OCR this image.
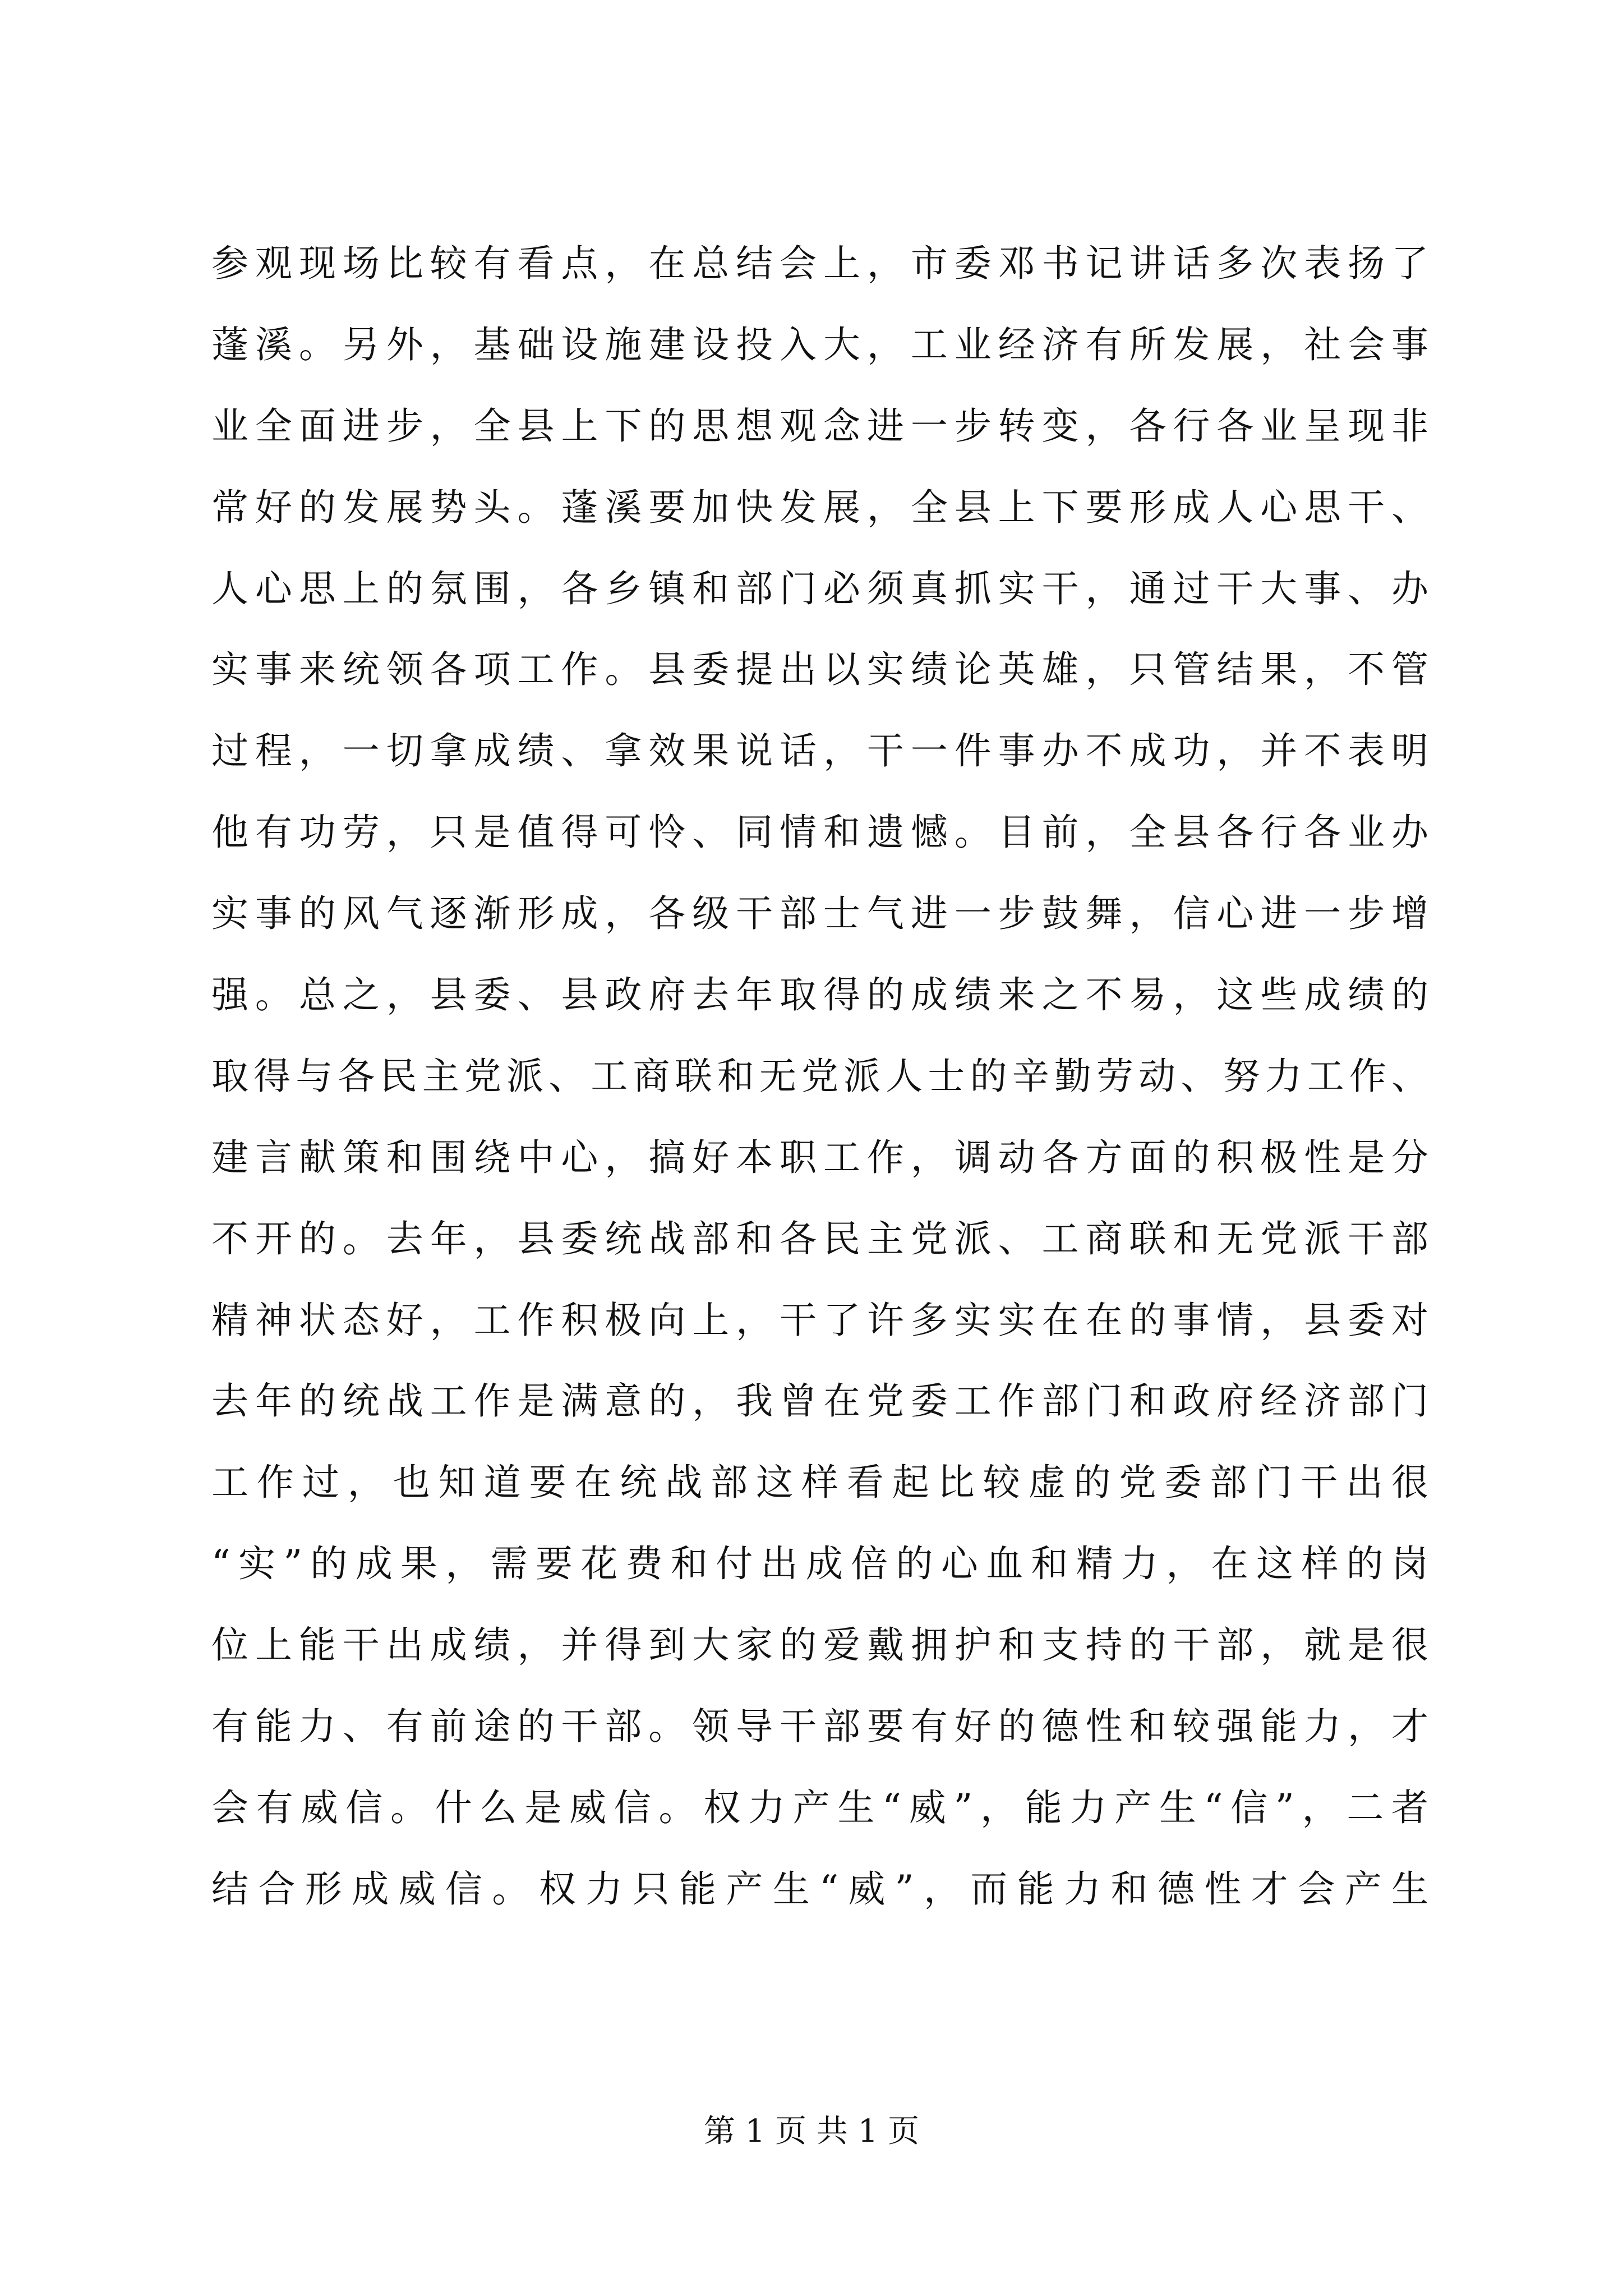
参观现场比较有看点，在总结会上，市委邓书记讲话多次表扬了
蓬溪。另外，基础设施建设投入大，工业经济有所发展，社会事
业全面进步，全县上下的思想观念进一步转变，各行各业呈现非
常好的发展势头。蓬溪要加快发展，全县上下要形成人心思干、
人心思上的氛围，各乡镇和部门必须真抓实干，通过干大事、办
实事来统领各项工作。县委提出以实绩论英雄，只管结果，不管
过程，一切拿成绩、拿效果说话，干一件事办不成功，并不表明
他有功劳，只是值得可怜、同情和遗憾。目前，全县各行各业办
实事的风气逐渐形成，各级干部士气进一步鼓舞，信心进一步增
强。总之，县委、县政府去年取得的成绩来之不易，这些成绩的
取得与各民主党派、工商联和无党派人士的辛勤劳动、努力工作、
建言献策和围绕中心，搞好本职工作，调动各方面的积极性是分
不开的。去年，县委统战部和各民主党派、工商联和无党派干部
精神状态好，工作积极向上，干了许多实实在在的事情，县委对
去年的统战工作是满意的，我曾在党委工作部门和政府经济部门
工作过，也知道要在统战部这样看起比较虚的党委部门干出很
“实”的成果，需要花费和付出成倍的心血和精力，在这样的岗
位上能干出成绩，并得到大家的爱戴拥护和支持的干部，就是很
有能力、有前途的干部。领导干部要有好的德性和较强能力，才
会有威信。什么是威信。权力产生“威”，能力产生“信”，二者
结合形成威信。权力只能产生“威”，而能力和德性才会产生
第 1 页 共 1 页
